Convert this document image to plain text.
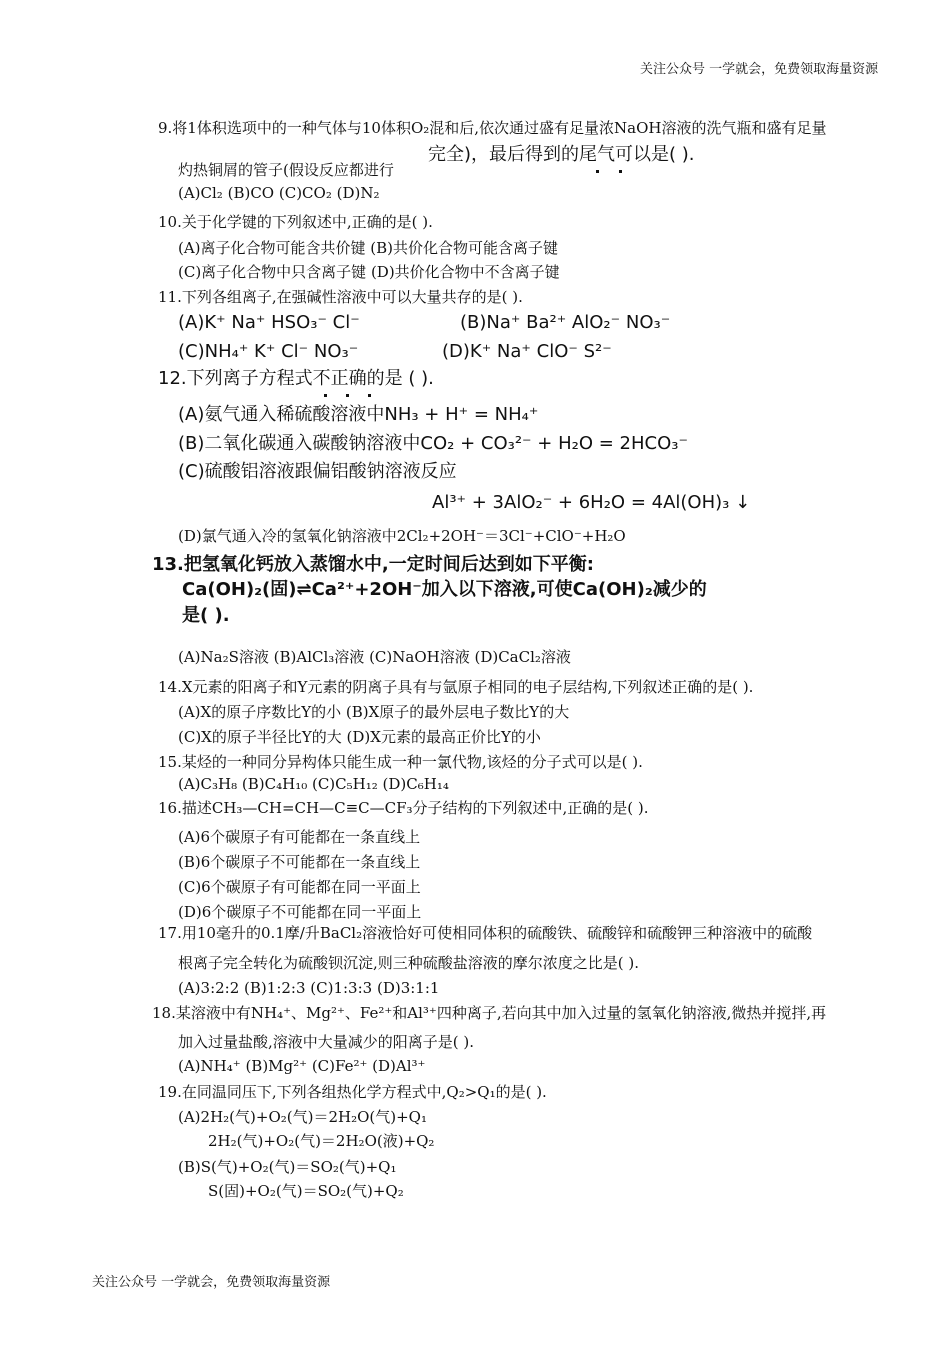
关注公众号 一学就会，免费领取海量资源
9.将1体积选项中的一种气体与10体积O₂混和后,依次通过盛有足量浓NaOH溶液的洗气瓶和盛有足量
完全)，最后得到的尾气可以是( ).
灼热铜屑的管子(假设反应都进行
(A)Cl₂ (B)CO (C)CO₂ (D)N₂
10.关于化学键的下列叙述中,正确的是( ).
(A)离子化合物可能含共价键 (B)共价化合物可能含离子键
(C)离子化合物中只含离子键 (D)共价化合物中不含离子键
11.下列各组离子,在强碱性溶液中可以大量共存的是( ).
(A)K⁺ Na⁺ HSO₃⁻ Cl⁻	(B)Na⁺ Ba²⁺ AlO₂⁻ NO₃⁻
(C)NH₄⁺ K⁺ Cl⁻ NO₃⁻	(D)K⁺ Na⁺ ClO⁻ S²⁻
12.下列离子方程式不正确的是 ( ).
(A)氨气通入稀硫酸溶液中NH₃ + H⁺ = NH₄⁺
(B)二氧化碳通入碳酸钠溶液中CO₂ + CO₃²⁻ + H₂O = 2HCO₃⁻
(C)硫酸铝溶液跟偏铝酸钠溶液反应
Al³⁺ + 3AlO₂⁻ + 6H₂O = 4Al(OH)₃ ↓
(D)氯气通入冷的氢氧化钠溶液中2Cl₂+2OH⁻＝3Cl⁻+ClO⁻+H₂O
13.把氢氧化钙放入蒸馏水中,一定时间后达到如下平衡:
Ca(OH)₂(固)⇌Ca²⁺+2OH⁻加入以下溶液,可使Ca(OH)₂减少的
是( ).
(A)Na₂S溶液 (B)AlCl₃溶液 (C)NaOH溶液 (D)CaCl₂溶液
14.X元素的阳离子和Y元素的阴离子具有与氩原子相同的电子层结构,下列叙述正确的是( ).
(A)X的原子序数比Y的小 (B)X原子的最外层电子数比Y的大
(C)X的原子半径比Y的大 (D)X元素的最高正价比Y的小
15.某烃的一种同分异构体只能生成一种一氯代物,该烃的分子式可以是( ).
(A)C₃H₈ (B)C₄H₁₀ (C)C₅H₁₂ (D)C₆H₁₄
16.描述CH₃—CH=CH—C≡C—CF₃分子结构的下列叙述中,正确的是( ).
(A)6个碳原子有可能都在一条直线上
(B)6个碳原子不可能都在一条直线上
(C)6个碳原子有可能都在同一平面上
(D)6个碳原子不可能都在同一平面上
17.用10毫升的0.1摩/升BaCl₂溶液恰好可使相同体积的硫酸铁、硫酸锌和硫酸钾三种溶液中的硫酸
根离子完全转化为硫酸钡沉淀,则三种硫酸盐溶液的摩尔浓度之比是( ).
(A)3:2:2 (B)1:2:3 (C)1:3:3 (D)3:1:1
18.某溶液中有NH₄⁺、Mg²⁺、Fe²⁺和Al³⁺四种离子,若向其中加入过量的氢氧化钠溶液,微热并搅拌,再
加入过量盐酸,溶液中大量减少的阳离子是( ).
(A)NH₄⁺ (B)Mg²⁺ (C)Fe²⁺ (D)Al³⁺
19.在同温同压下,下列各组热化学方程式中,Q₂>Q₁的是( ).
(A)2H₂(气)+O₂(气)＝2H₂O(气)+Q₁
2H₂(气)+O₂(气)＝2H₂O(液)+Q₂
(B)S(气)+O₂(气)＝SO₂(气)+Q₁
S(固)+O₂(气)＝SO₂(气)+Q₂
关注公众号 一学就会，免费领取海量资源
